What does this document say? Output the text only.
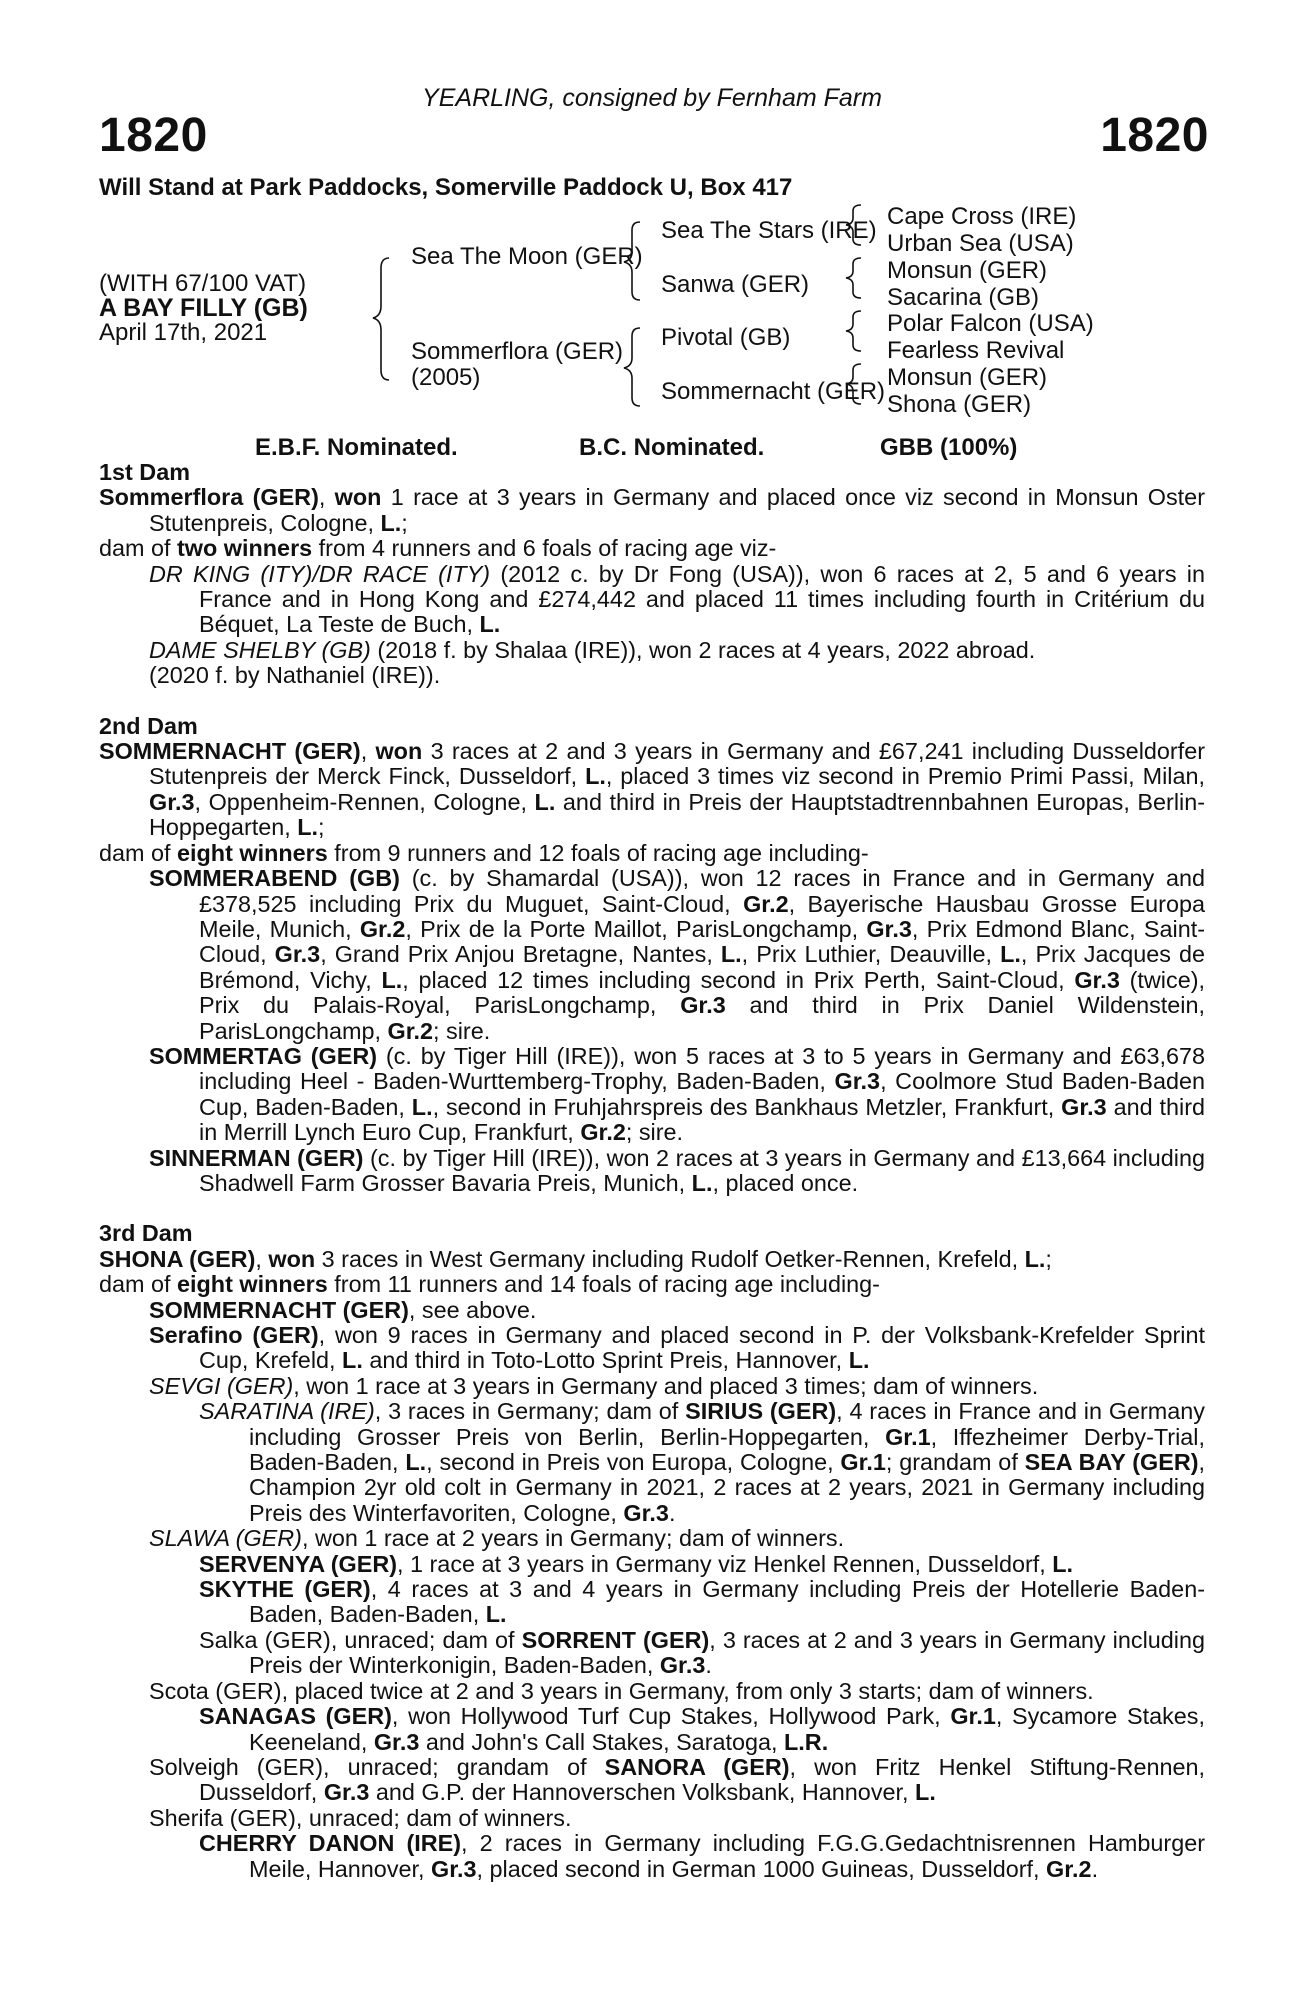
YEARLING, consigned by Fernham Farm
1820	1820
Will Stand at Park Paddocks, Somerville Paddock U, Box 417
(WITH 67/100 VAT)
A BAY FILLY (GB)
April 17th, 2021
Sea The Moon (GER)
Sommerflora (GER)
(2005)
Sea The Stars (IRE)
Sanwa (GER)
Pivotal (GB)
Sommernacht (GER)
Cape Cross (IRE)
Urban Sea (USA)
Monsun (GER)
Sacarina (GB)
Polar Falcon (USA)
Fearless Revival
Monsun (GER)
Shona (GER)
E.B.F. Nominated.	B.C. Nominated.	GBB (100%)
1st Dam
Sommerflora (GER), won 1 race at 3 years in Germany and placed once viz second in Monsun Oster Stutenpreis, Cologne, L.;
dam of two winners from 4 runners and 6 foals of racing age viz-
DR KING (ITY)/DR RACE (ITY) (2012 c. by Dr Fong (USA)), won 6 races at 2, 5 and 6 years in France and in Hong Kong and £274,442 and placed 11 times including fourth in Critérium du Béquet, La Teste de Buch, L.
DAME SHELBY (GB) (2018 f. by Shalaa (IRE)), won 2 races at 4 years, 2022 abroad.
(2020 f. by Nathaniel (IRE)).
2nd Dam
SOMMERNACHT (GER), won 3 races at 2 and 3 years in Germany and £67,241 including Dusseldorfer Stutenpreis der Merck Finck, Dusseldorf, L., placed 3 times viz second in Premio Primi Passi, Milan, Gr.3, Oppenheim-Rennen, Cologne, L. and third in Preis der Hauptstadtrennbahnen Europas, Berlin-Hoppegarten, L.;
dam of eight winners from 9 runners and 12 foals of racing age including-
SOMMERABEND (GB) (c. by Shamardal (USA)), won 12 races in France and in Germany and £378,525 including Prix du Muguet, Saint-Cloud, Gr.2, Bayerische Hausbau Grosse Europa Meile, Munich, Gr.2, Prix de la Porte Maillot, ParisLongchamp, Gr.3, Prix Edmond Blanc, Saint-Cloud, Gr.3, Grand Prix Anjou Bretagne, Nantes, L., Prix Luthier, Deauville, L., Prix Jacques de Brémond, Vichy, L., placed 12 times including second in Prix Perth, Saint-Cloud, Gr.3 (twice), Prix du Palais-Royal, ParisLongchamp, Gr.3 and third in Prix Daniel Wildenstein, ParisLongchamp, Gr.2; sire.
SOMMERTAG (GER) (c. by Tiger Hill (IRE)), won 5 races at 3 to 5 years in Germany and £63,678 including Heel - Baden-Wurttemberg-Trophy, Baden-Baden, Gr.3, Coolmore Stud Baden-Baden Cup, Baden-Baden, L., second in Fruhjahrspreis des Bankhaus Metzler, Frankfurt, Gr.3 and third in Merrill Lynch Euro Cup, Frankfurt, Gr.2; sire.
SINNERMAN (GER) (c. by Tiger Hill (IRE)), won 2 races at 3 years in Germany and £13,664 including Shadwell Farm Grosser Bavaria Preis, Munich, L., placed once.
3rd Dam
SHONA (GER), won 3 races in West Germany including Rudolf Oetker-Rennen, Krefeld, L.;
dam of eight winners from 11 runners and 14 foals of racing age including-
SOMMERNACHT (GER), see above.
Serafino (GER), won 9 races in Germany and placed second in P. der Volksbank-Krefelder Sprint Cup, Krefeld, L. and third in Toto-Lotto Sprint Preis, Hannover, L.
SEVGI (GER), won 1 race at 3 years in Germany and placed 3 times; dam of winners.
SARATINA (IRE), 3 races in Germany; dam of SIRIUS (GER), 4 races in France and in Germany including Grosser Preis von Berlin, Berlin-Hoppegarten, Gr.1, Iffezheimer Derby-Trial, Baden-Baden, L., second in Preis von Europa, Cologne, Gr.1; grandam of SEA BAY (GER), Champion 2yr old colt in Germany in 2021, 2 races at 2 years, 2021 in Germany including Preis des Winterfavoriten, Cologne, Gr.3.
SLAWA (GER), won 1 race at 2 years in Germany; dam of winners.
SERVENYA (GER), 1 race at 3 years in Germany viz Henkel Rennen, Dusseldorf, L.
SKYTHE (GER), 4 races at 3 and 4 years in Germany including Preis der Hotellerie Baden-Baden, Baden-Baden, L.
Salka (GER), unraced; dam of SORRENT (GER), 3 races at 2 and 3 years in Germany including Preis der Winterkonigin, Baden-Baden, Gr.3.
Scota (GER), placed twice at 2 and 3 years in Germany, from only 3 starts; dam of winners.
SANAGAS (GER), won Hollywood Turf Cup Stakes, Hollywood Park, Gr.1, Sycamore Stakes, Keeneland, Gr.3 and John's Call Stakes, Saratoga, L.R.
Solveigh (GER), unraced; grandam of SANORA (GER), won Fritz Henkel Stiftung-Rennen, Dusseldorf, Gr.3 and G.P. der Hannoverschen Volksbank, Hannover, L.
Sherifa (GER), unraced; dam of winners.
CHERRY DANON (IRE), 2 races in Germany including F.G.G.Gedachtnisrennen Hamburger Meile, Hannover, Gr.3, placed second in German 1000 Guineas, Dusseldorf, Gr.2.
